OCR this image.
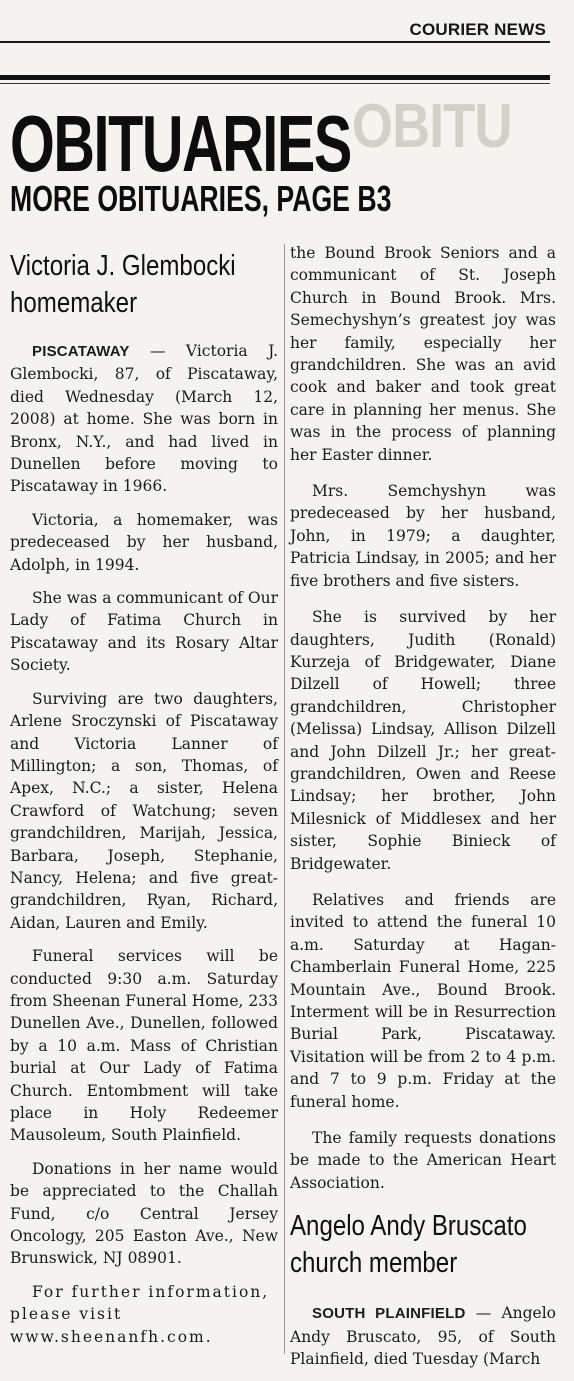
COURIER NEWS
OBITU
OBITUARIES
MORE OBITUARIES, PAGE B3
Victoria J. Glembocki
homemaker

PISCATAWAY — Victoria J. Glembocki, 87, of Piscataway, died Wednesday (March 12, 2008) at home. She was born in Bronx, N.Y., and had lived in Dunellen before moving to Piscataway in 1966.

Victoria, a homemaker, was predeceased by her husband, Adolph, in 1994.

She was a communicant of Our Lady of Fatima Church in Piscataway and its Rosary Altar Society.

Surviving are two daughters, Arlene Sroczynski of Piscataway and Victoria Lanner of Millington; a son, Thomas, of Apex, N.C.; a sister, Helena Crawford of Watchung; seven grandchildren, Marijah, Jessica, Barbara, Joseph, Stephanie, Nancy, Helena; and five great-grandchildren, Ryan, Richard, Aidan, Lauren and Emily.

Funeral services will be conducted 9:30 a.m. Saturday from Sheenan Funeral Home, 233 Dunellen Ave., Dunellen, followed by a 10 a.m. Mass of Christian burial at Our Lady of Fatima Church. Entombment will take place in Holy Redeemer Mausoleum, South Plainfield.

Donations in her name would be appreciated to the Challah Fund, c/o Central Jersey Oncology, 205 Easton Ave., New Brunswick, NJ 08901.

For further information, please visit www.sheenanfh.com.

the Bound Brook Seniors and a communicant of St. Joseph Church in Bound Brook. Mrs. Semechyshyn’s greatest joy was her family, especially her grandchildren. She was an avid cook and baker and took great care in planning her menus. She was in the process of planning her Easter dinner.

Mrs. Semchyshyn was predeceased by her husband, John, in 1979; a daughter, Patricia Lindsay, in 2005; and her five brothers and five sisters.

She is survived by her daughters, Judith (Ronald) Kurzeja of Bridgewater, Diane Dilzell of Howell; three grandchildren, Christopher (Melissa) Lindsay, Allison Dilzell and John Dilzell Jr.; her great-grandchildren, Owen and Reese Lindsay; her brother, John Milesnick of Middlesex and her sister, Sophie Binieck of Bridgewater.

Relatives and friends are invited to attend the funeral 10 a.m. Saturday at Hagan-Chamberlain Funeral Home, 225 Mountain Ave., Bound Brook. Interment will be in Resurrection Burial Park, Piscataway. Visitation will be from 2 to 4 p.m. and 7 to 9 p.m. Friday at the funeral home.

The family requests donations be made to the American Heart Association.

Angelo Andy Bruscato
church member

SOUTH PLAINFIELD — Angelo Andy Bruscato, 95, of South Plainfield, died Tuesday (March
